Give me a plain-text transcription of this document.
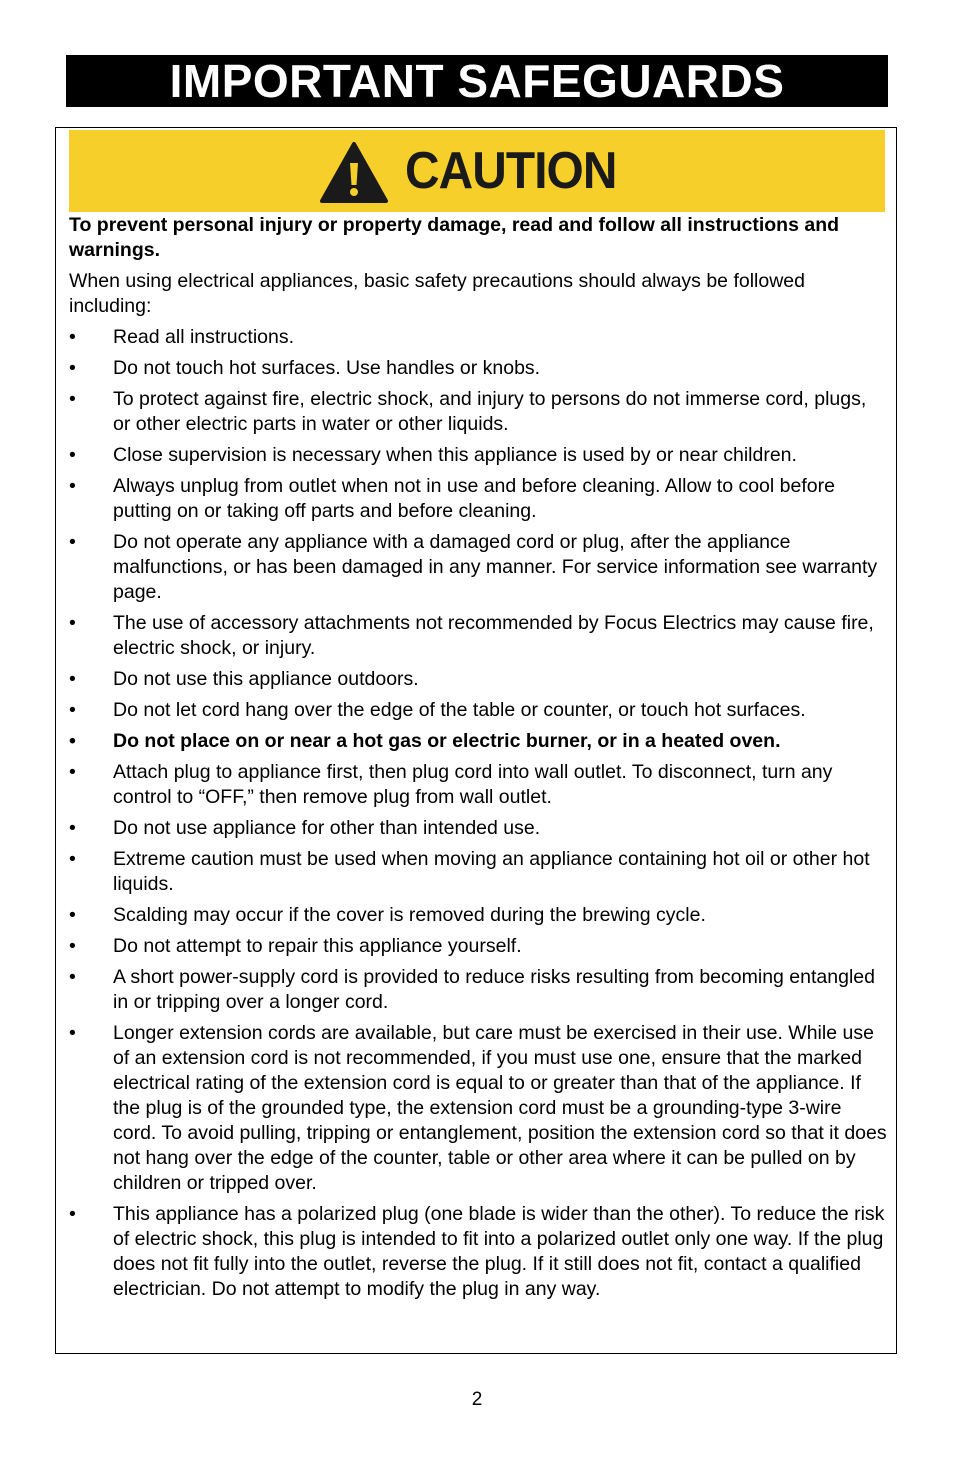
IMPORTANT SAFEGUARDS
CAUTION

To prevent personal injury or property damage, read and follow all instructions and warnings.

When using electrical appliances, basic safety precautions should always be followed including:

•	Read all instructions.
•	Do not touch hot surfaces. Use handles or knobs.
•	To protect against fire, electric shock, and injury to persons do not immerse cord, plugs, or other electric parts in water or other liquids.
•	Close supervision is necessary when this appliance is used by or near children.
•	Always unplug from outlet when not in use and before cleaning. Allow to cool before putting on or taking off parts and before cleaning.
•	Do not operate any appliance with a damaged cord or plug, after the appliance malfunctions, or has been damaged in any manner. For service information see warranty page.
•	The use of accessory attachments not recommended by Focus Electrics may cause fire, electric shock, or injury.
•	Do not use this appliance outdoors.
•	Do not let cord hang over the edge of the table or counter, or touch hot surfaces.
•	Do not place on or near a hot gas or electric burner, or in a heated oven.
•	Attach plug to appliance first, then plug cord into wall outlet. To disconnect, turn any control to “OFF,” then remove plug from wall outlet.
•	Do not use appliance for other than intended use.
•	Extreme caution must be used when moving an appliance containing hot oil or other hot liquids.
•	Scalding may occur if the cover is removed during the brewing cycle.
•	Do not attempt to repair this appliance yourself.
•	A short power-supply cord is provided to reduce risks resulting from becoming entangled in or tripping over a longer cord.
•	Longer extension cords are available, but care must be exercised in their use. While use of an extension cord is not recommended, if you must use one, ensure that the marked electrical rating of the extension cord is equal to or greater than that of the appliance. If the plug is of the grounded type, the extension cord must be a grounding-type 3-wire cord. To avoid pulling, tripping or entanglement, position the extension cord so that it does not hang over the edge of the counter, table or other area where it can be pulled on by children or tripped over.
•	This appliance has a polarized plug (one blade is wider than the other). To reduce the risk of electric shock, this plug is intended to fit into a polarized outlet only one way. If the plug does not fit fully into the outlet, reverse the plug. If it still does not fit, contact a qualified electrician. Do not attempt to modify the plug in any way.
2
